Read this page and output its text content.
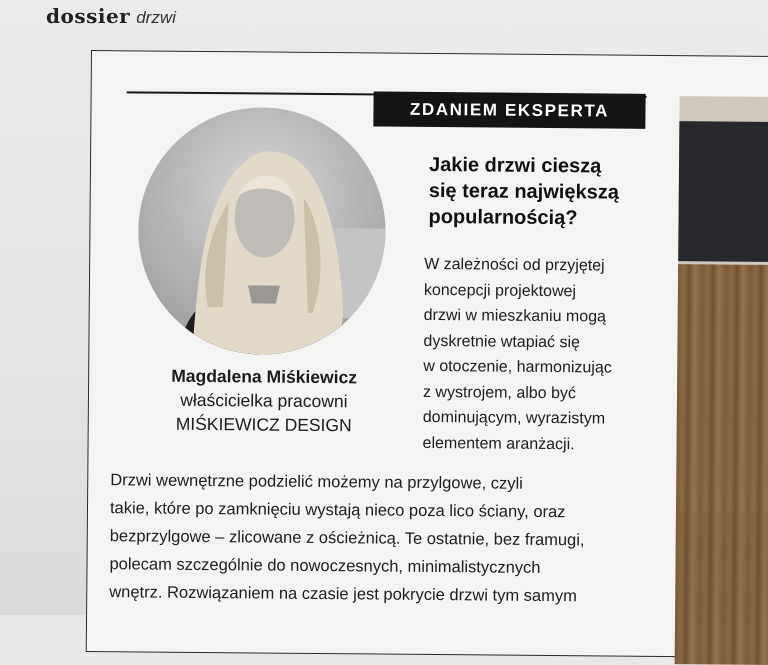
dossier drzwi
ZDANIEM EKSPERTA
Magdalena Miśkiewicz
właścicielka pracowni
MIŚKIEWICZ DESIGN
Jakie drzwi cieszą
się teraz największą
popularnością?
W zależności od przyjętej
koncepcji projektowej
drzwi w mieszkaniu mogą
dyskretnie wtapiać się
w otoczenie, harmonizując
z wystrojem, albo być
dominującym, wyrazistym
elementem aranżacji.
Drzwi wewnętrzne podzielić możemy na przylgowe, czyli
takie, które po zamknięciu wystają nieco poza lico ściany, oraz
bezprzylgowe – zlicowane z ościeżnicą. Te ostatnie, bez framugi,
polecam szczególnie do nowoczesnych, minimalistycznych
wnętrz. Rozwiązaniem na czasie jest pokrycie drzwi tym samym
